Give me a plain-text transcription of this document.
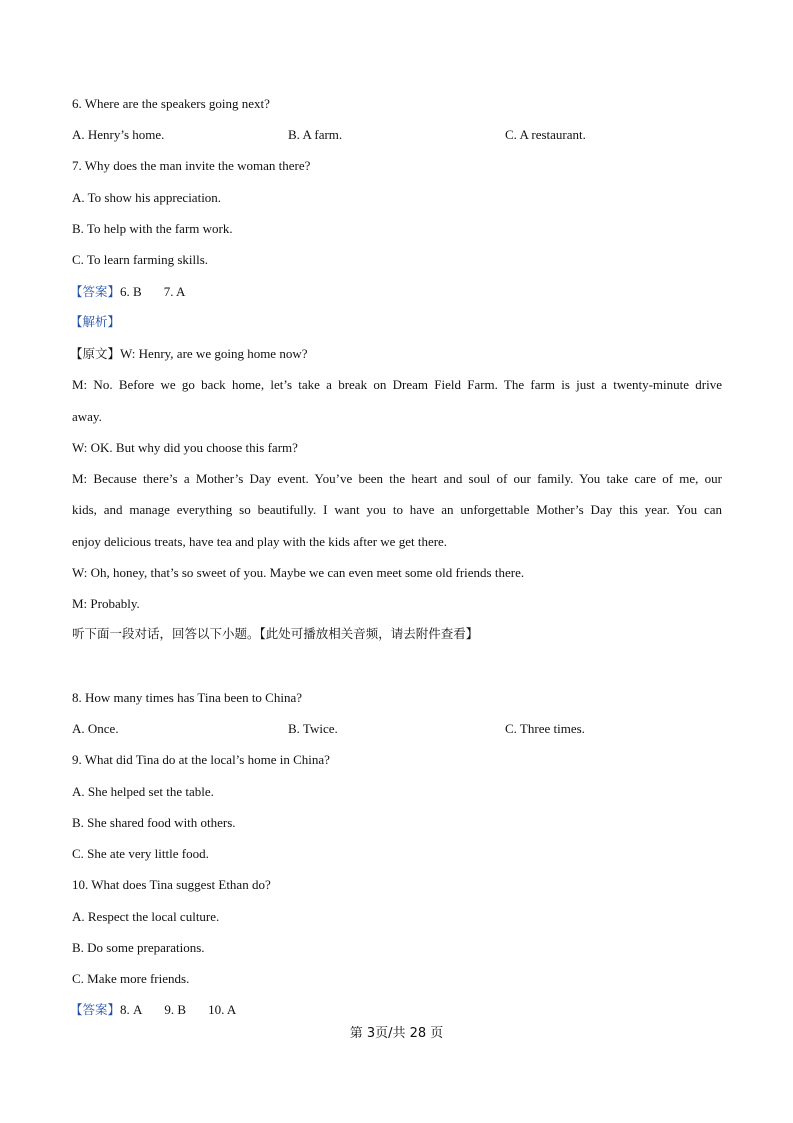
6. Where are the speakers going next?
A. Henry’s home.	B. A farm.	C. A restaurant.
7. Why does the man invite the woman there?
A. To show his appreciation.
B. To help with the farm work.
C. To learn farming skills.
【答案】6. B 7. A
【解析】
【原文】W: Henry, are we going home now?
M: No. Before we go back home, let’s take a break on Dream Field Farm. The farm is just a twenty-minute drive
away.
W: OK. But why did you choose this farm?
M: Because there’s a Mother’s Day event. You’ve been the heart and soul of our family. You take care of me, our
kids, and manage everything so beautifully. I want you to have an unforgettable Mother’s Day this year. You can
enjoy delicious treats, have tea and play with the kids after we get there.
W: Oh, honey, that’s so sweet of you. Maybe we can even meet some old friends there.
M: Probably.
听下面一段对话，回答以下小题。【此处可播放相关音频，请去附件查看】
8. How many times has Tina been to China?
A. Once.	B. Twice.	C. Three times.
9. What did Tina do at the local’s home in China?
A. She helped set the table.
B. She shared food with others.
C. She ate very little food.
10. What does Tina suggest Ethan do?
A. Respect the local culture.
B. Do some preparations.
C. Make more friends.
【答案】8. A 9. B 10. A
第 3页/共 28 页
